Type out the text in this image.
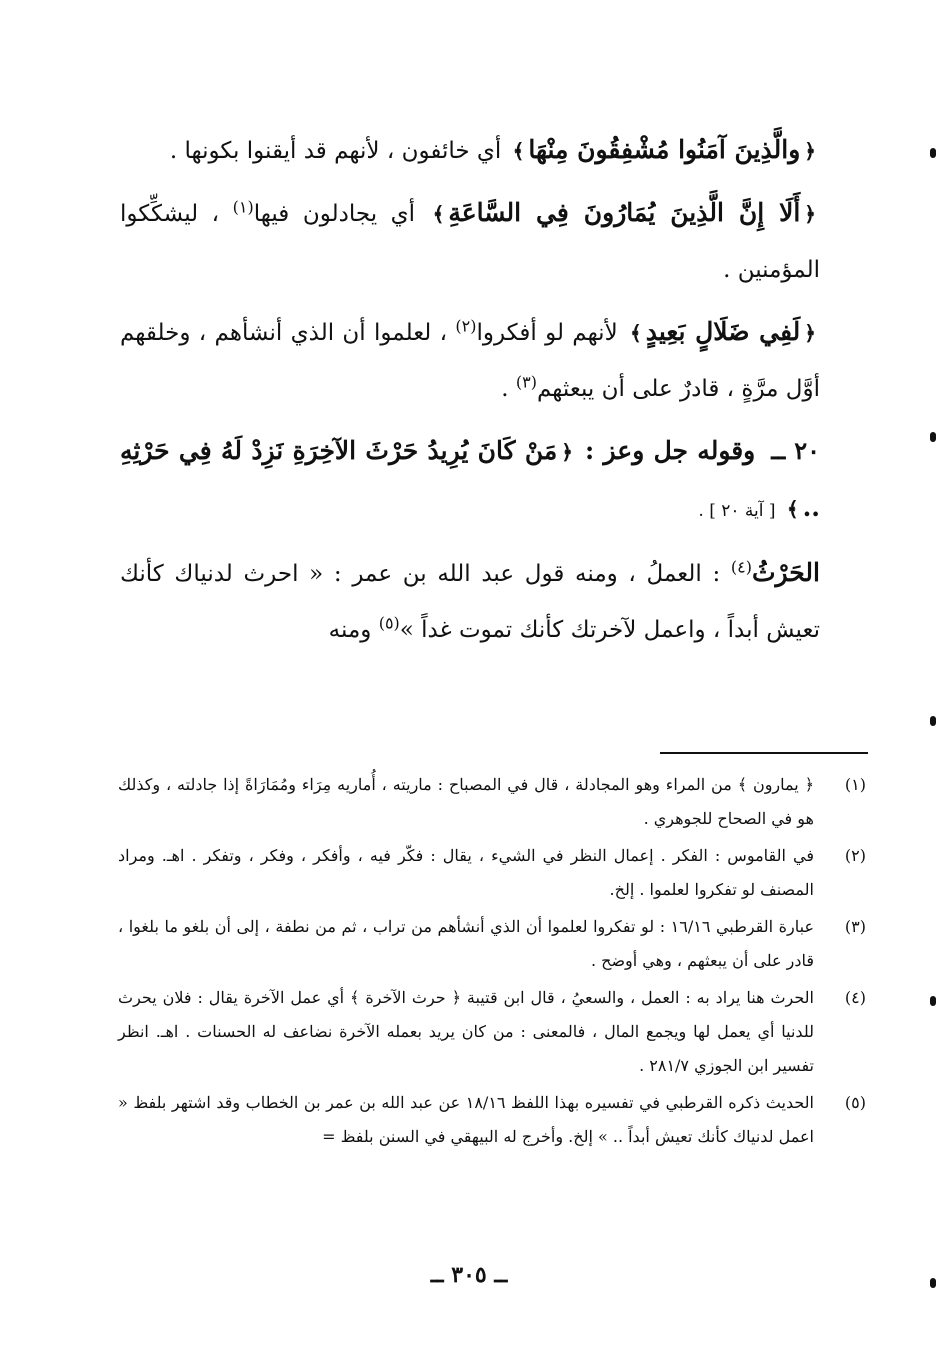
﴿والَّذِينَ آمَنُوا مُشْفِقُونَ مِنْهَا﴾ أي خائفون ، لأنهم قد أيقنوا بكونها .

﴿أَلَا إِنَّ الَّذِينَ يُمَارُونَ فِي السَّاعَةِ﴾ أي يجادلون فيها$^{(١)}$ ، ليشكِّكوا المؤمنين .

﴿لَفِي ضَلَالٍ بَعِيدٍ﴾ لأنهم لو أفكروا$^{(٢)}$ ، لعلموا أن الذي أنشأهم ، وخلقهم أوَّل مرَّةٍ ، قادرٌ على أن يبعثهم$^{(٣)}$ .

٢٠ ــ وقوله جل وعز : ﴿مَنْ كَانَ يُرِيدُ حَرْثَ الآخِرَةِ نَزِدْ لَهُ فِي حَرْثِهِ ..﴾ [ آية ٢٠ ] .

الحَرْثُ$^{(٤)}$ : العملُ ، ومنه قول عبد الله بن عمر : « احرث لدنياك كأنك تعيش أبداً ، واعمل لآخرتك كأنك تموت غداً »$^{(٥)}$ ومنه

(١)
﴿ يمارون ﴾ من المراء وهو المجادلة ، قال في المصباح : ماريته ، أُماريه مِرَاء ومُمَارَاةً إذا جادلته ، وكذلك هو في الصحاح للجوهري .
(٢)
في القاموس : الفكر . إعمال النظر في الشيء ، يقال : فكّر فيه ، وأفكر ، وفكر ، وتفكر . اهـ. ومراد المصنف لو تفكروا لعلموا . إلخ.
(٣)
عبارة القرطبي ١٦/١٦ : لو تفكروا لعلموا أن الذي أنشأهم من تراب ، ثم من نطفة ، إلى أن بلغو ما بلغوا ، قادر على أن يبعثهم ، وهي أوضح .
(٤)
الحرث هنا يراد به : العمل ، والسعيُ ، قال ابن قتيبة ﴿ حرث الآخرة ﴾ أي عمل الآخرة يقال : فلان يحرث للدنيا أي يعمل لها ويجمع المال ، فالمعنى : من كان يريد بعمله الآخرة نضاعف له الحسنات . اهـ. انظر تفسير ابن الجوزي ٢٨١/٧ .
(٥)
الحديث ذكره القرطبي في تفسيره بهذا اللفظ ١٨/١٦ عن عبد الله بن عمر بن الخطاب وقد اشتهر بلفظ « اعمل لدنياك كأنك تعيش أبداً .. » إلخ. وأخرج له البيهقي في السنن بلفظ =
ــ ٣٠٥ ــ
